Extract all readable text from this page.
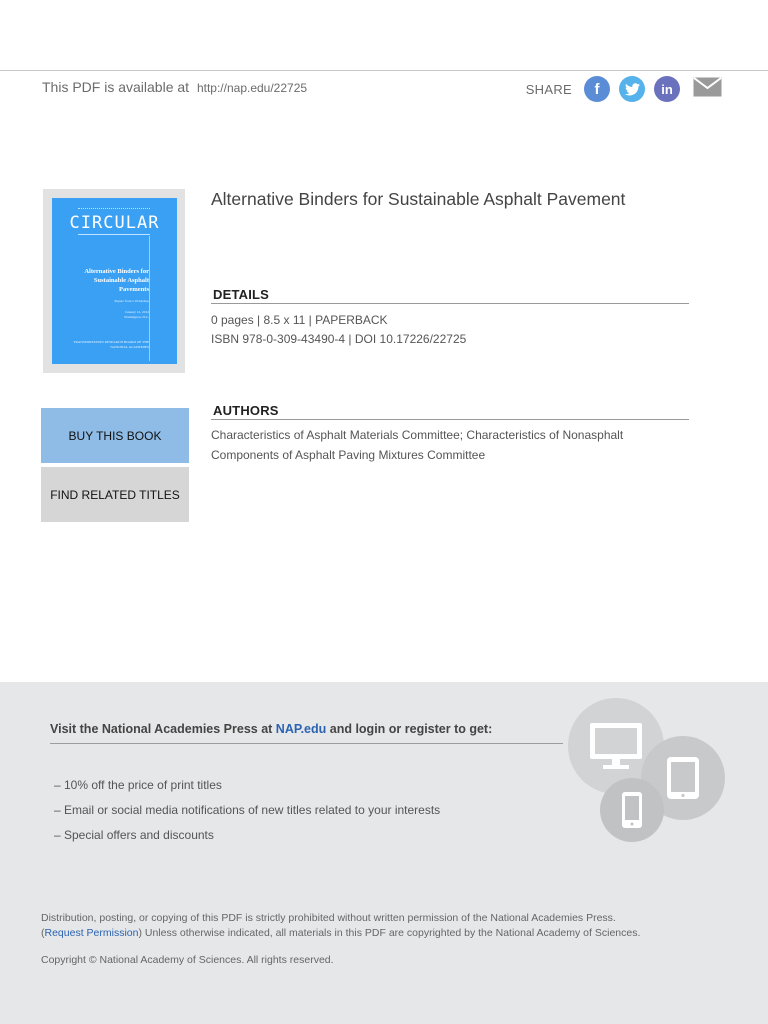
This PDF is available at http://nap.edu/22725	SHARE	f	in
CIRCULAR
Alternative Binders for Sustainable Asphalt Pavements
Papers from a Workshop
January 12, 2012
Washington, D.C.
TRANSPORTATION RESEARCH BOARD OF THE NATIONAL ACADEMIES
Alternative Binders for Sustainable Asphalt Pavement
DETAILS
0 pages | 8.5 x 11 | PAPERBACK
ISBN 978-0-309-43490-4 | DOI 10.17226/22725
AUTHORS
Characteristics of Asphalt Materials Committee; Characteristics of Nonasphalt
Components of Asphalt Paving Mixtures Committee
BUY THIS BOOK
FIND RELATED TITLES
Visit the National Academies Press at NAP.edu and login or register to get:
– 10% off the price of print titles
– Email or social media notifications of new titles related to your interests
– Special offers and discounts
Distribution, posting, or copying of this PDF is strictly prohibited without written permission of the National Academies Press.
(Request Permission) Unless otherwise indicated, all materials in this PDF are copyrighted by the National Academy of Sciences.
Copyright © National Academy of Sciences. All rights reserved.
